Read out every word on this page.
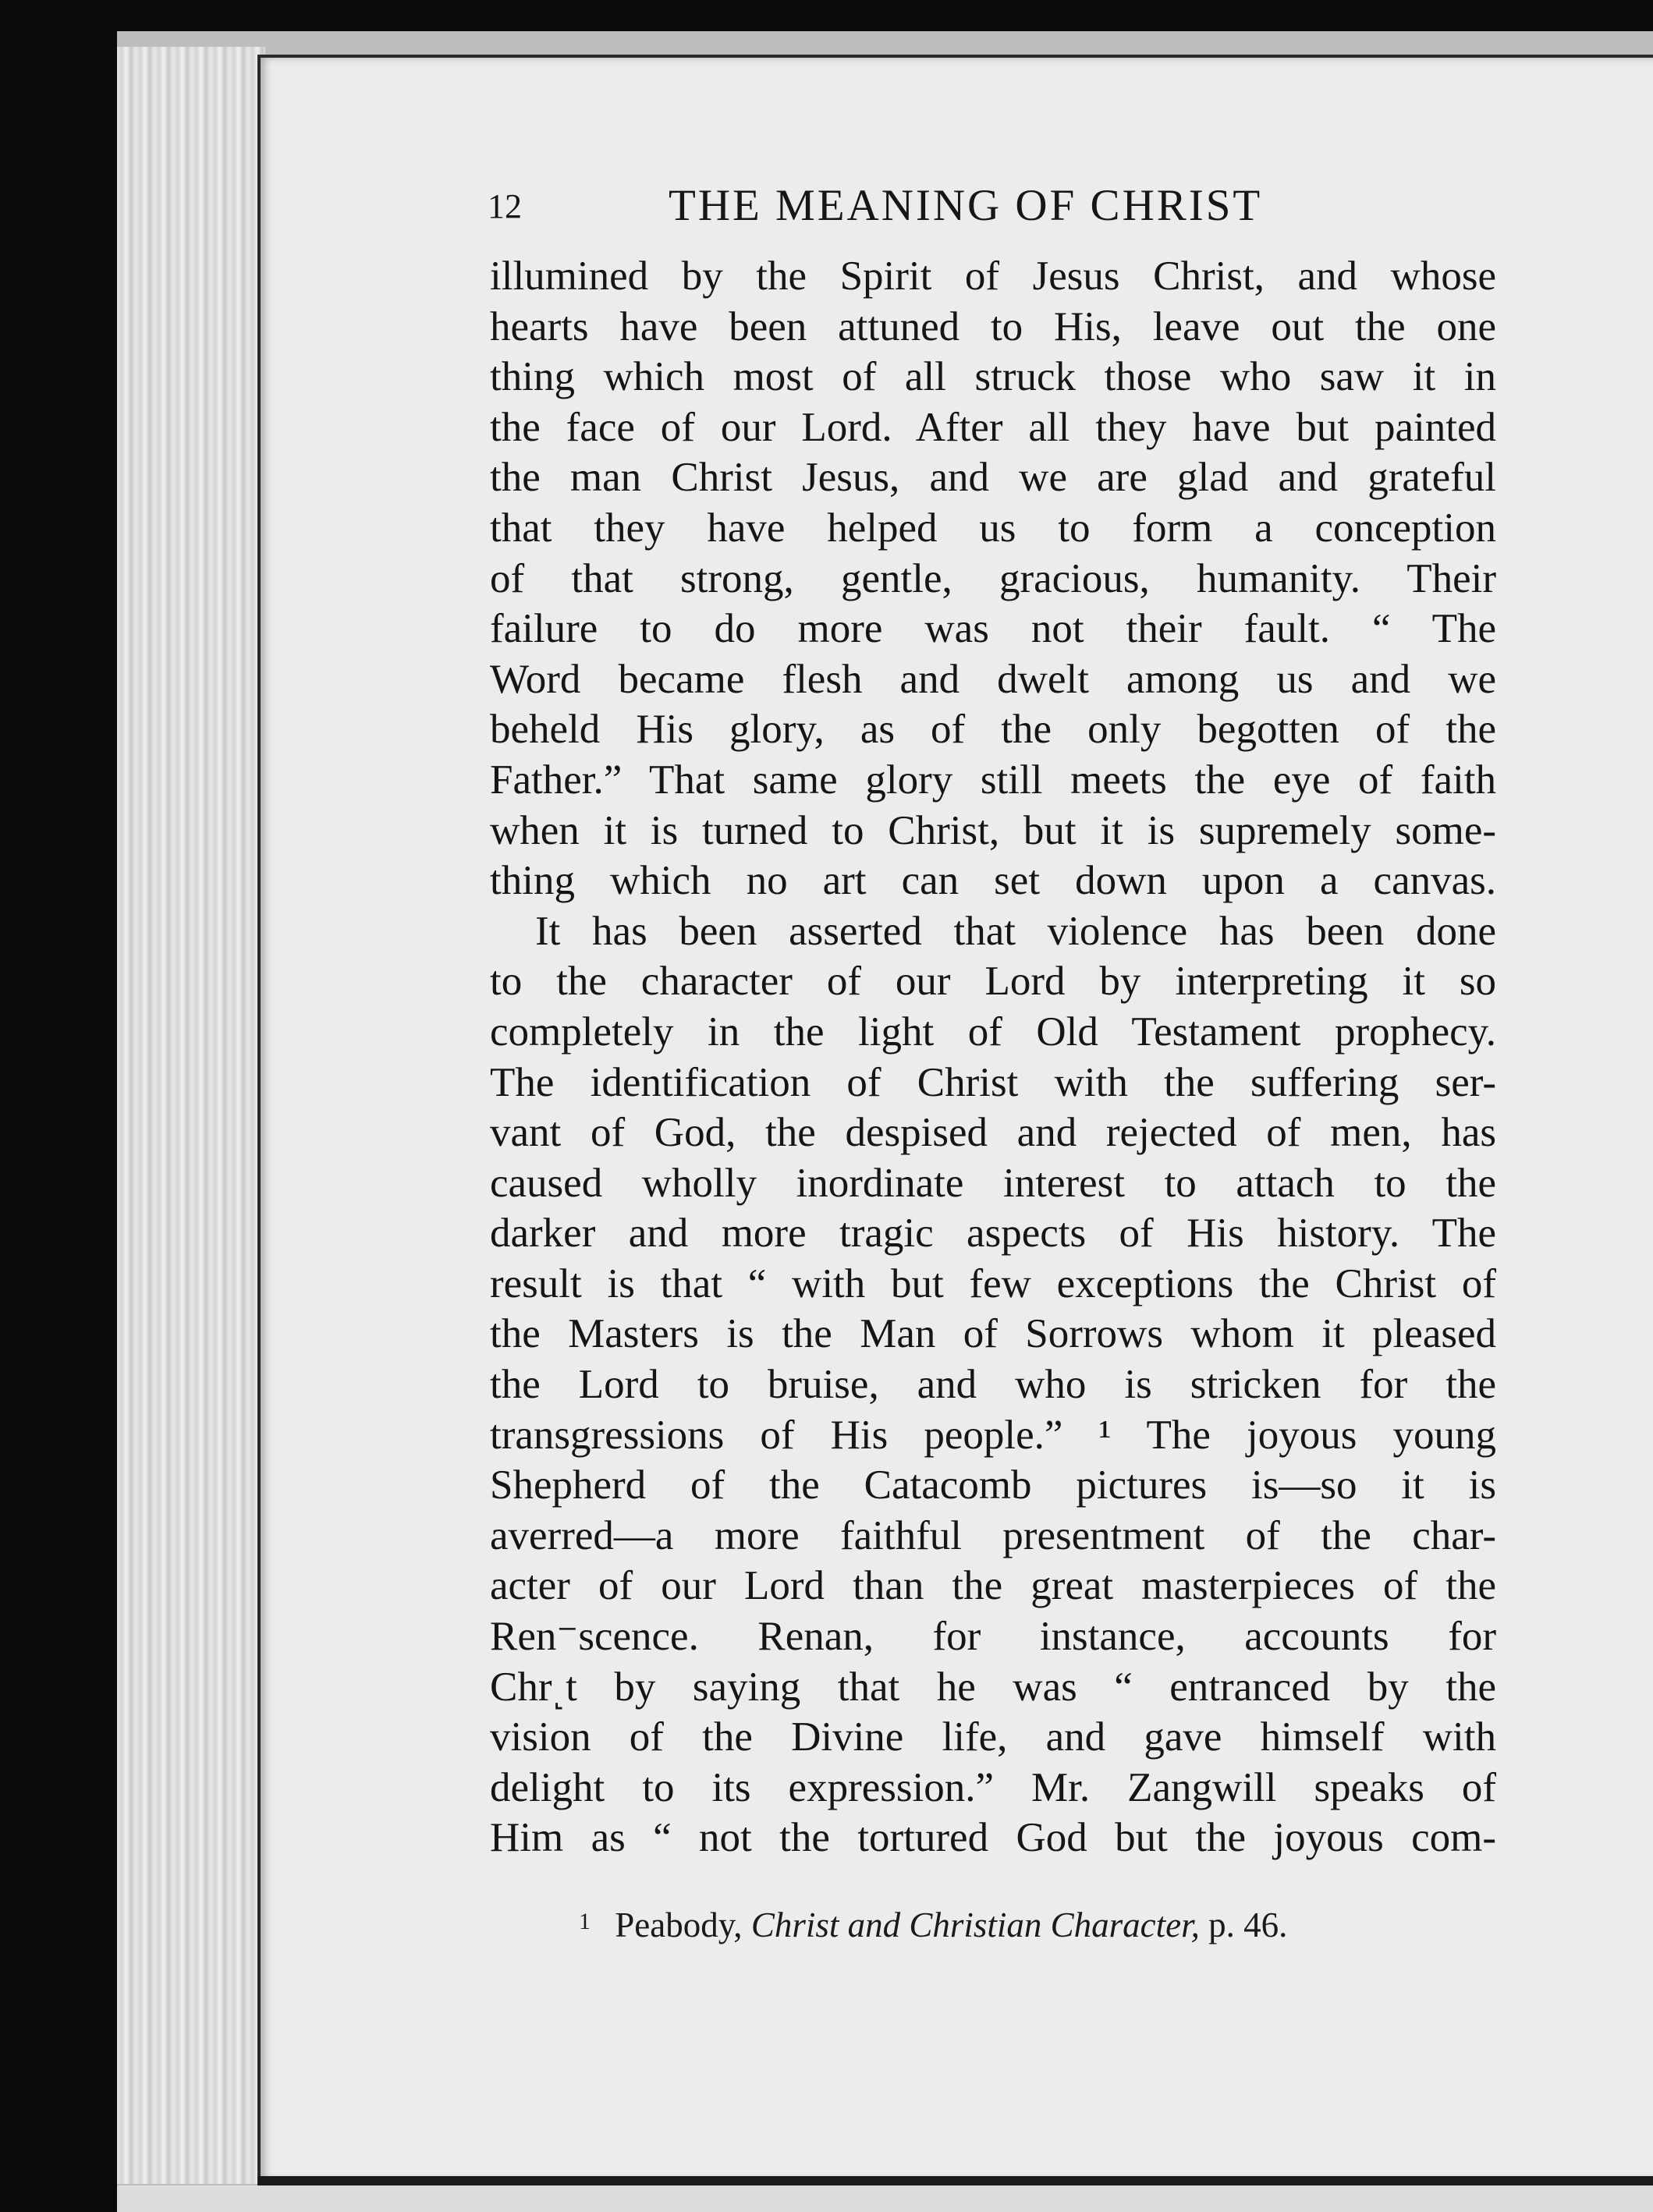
12	THE MEANING OF CHRIST
illumined by the Spirit of Jesus Christ, and whose
hearts have been attuned to His, leave out the one
thing which most of all struck those who saw it in
the face of our Lord. After all they have but painted
the man Christ Jesus, and we are glad and grateful
that they have helped us to form a conception
of that strong, gentle, gracious, humanity. Their
failure to do more was not their fault. “ The
Word became flesh and dwelt among us and we
beheld His glory, as of the only begotten of the
Father.” That same glory still meets the eye of faith
when it is turned to Christ, but it is supremely some-
thing which no art can set down upon a canvas.
It has been asserted that violence has been done
to the character of our Lord by interpreting it so
completely in the light of Old Testament prophecy.
The identification of Christ with the suffering ser-
vant of God, the despised and rejected of men, has
caused wholly inordinate interest to attach to the
darker and more tragic aspects of His history. The
result is that “ with but few exceptions the Christ of
the Masters is the Man of Sorrows whom it pleased
the Lord to bruise, and who is stricken for the
transgressions of His people.” ¹ The joyous young
Shepherd of the Catacomb pictures is—so it is
averred—a more faithful presentment of the char-
acter of our Lord than the great masterpieces of the
Ren⁻scence. Renan, for instance, accounts for
Chr˻t by saying that he was “ entranced by the
vision of the Divine life, and gave himself with
delight to its expression.” Mr. Zangwill speaks of
Him as “ not the tortured God but the joyous com-
$^1$ Peabody, Christ and Christian Character, p. 46.
